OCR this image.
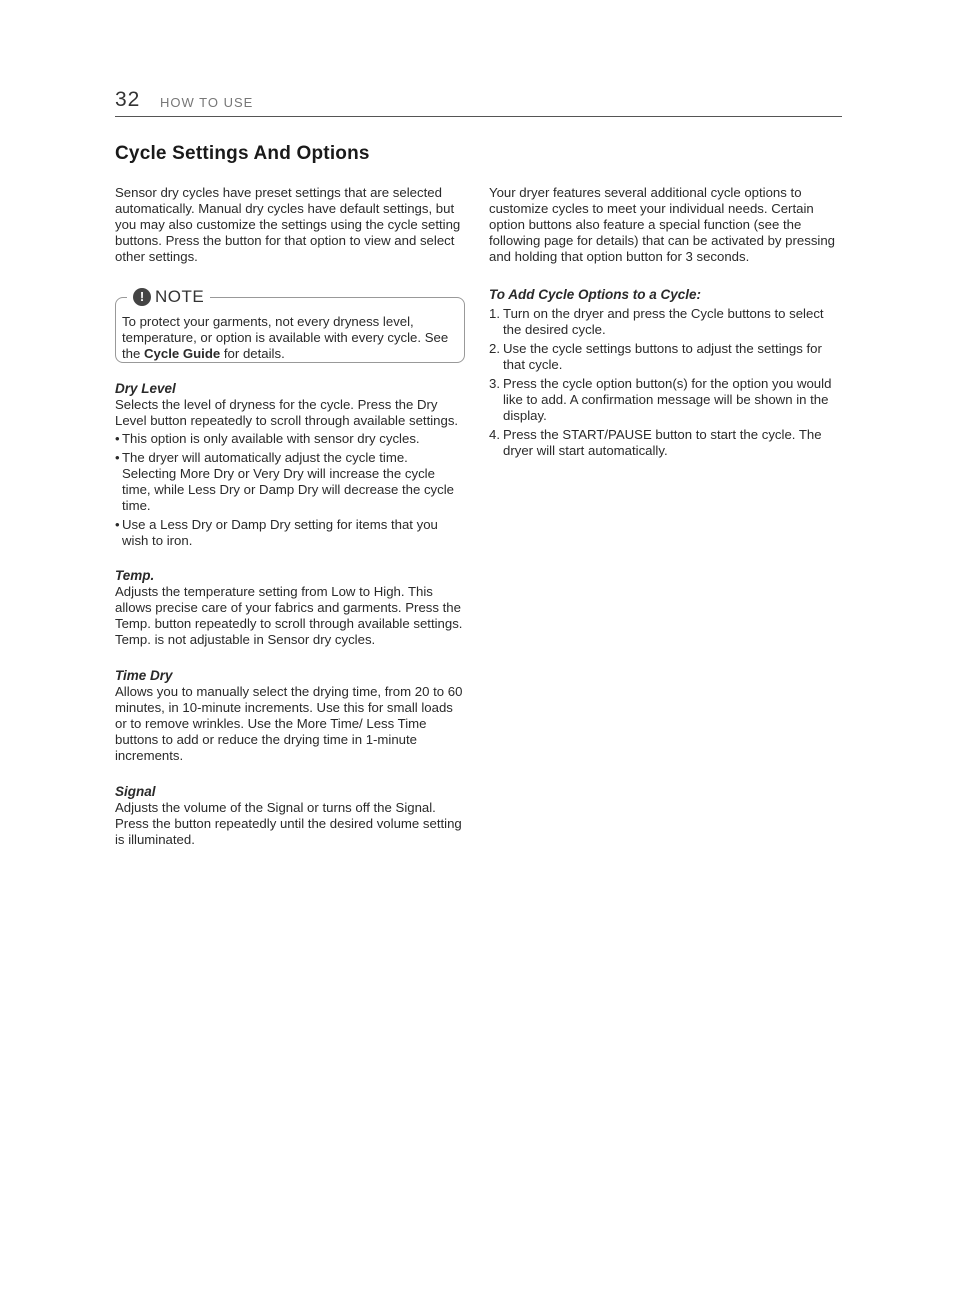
32 HOW TO USE
Cycle Settings And Options

Sensor dry cycles have preset settings that are selected automatically. Manual dry cycles have default settings, but you may also customize the settings using the cycle setting buttons. Press the button for that option to view and select other settings.

! NOTE
To protect your garments, not every dryness level, temperature, or option is available with every cycle. See the Cycle Guide for details.

Dry Level

Selects the level of dryness for the cycle. Press the Dry Level button repeatedly to scroll through available settings.

• This option is only available with sensor dry cycles.
• The dryer will automatically adjust the cycle time. Selecting More Dry or Very Dry will increase the cycle time, while Less Dry or Damp Dry will decrease the cycle time.
• Use a Less Dry or Damp Dry setting for items that you wish to iron.

Temp.

Adjusts the temperature setting from Low to High. This allows precise care of your fabrics and garments. Press the Temp. button repeatedly to scroll through available settings. Temp. is not adjustable in Sensor dry cycles.

Time Dry

Allows you to manually select the drying time, from 20 to 60 minutes, in 10-minute increments. Use this for small loads or to remove wrinkles. Use the More Time/ Less Time buttons to add or reduce the drying time in 1-minute increments.

Signal

Adjusts the volume of the Signal or turns off the Signal. Press the button repeatedly until the desired volume setting is illuminated.

Your dryer features several additional cycle options to customize cycles to meet your individual needs. Certain option buttons also feature a special function (see the following page for details) that can be activated by pressing and holding that option button for 3 seconds.

To Add Cycle Options to a Cycle:

1. Turn on the dryer and press the Cycle buttons to select the desired cycle.
2. Use the cycle settings buttons to adjust the settings for that cycle.
3. Press the cycle option button(s) for the option you would like to add. A confirmation message will be shown in the display.
4. Press the START/PAUSE button to start the cycle. The dryer will start automatically.
